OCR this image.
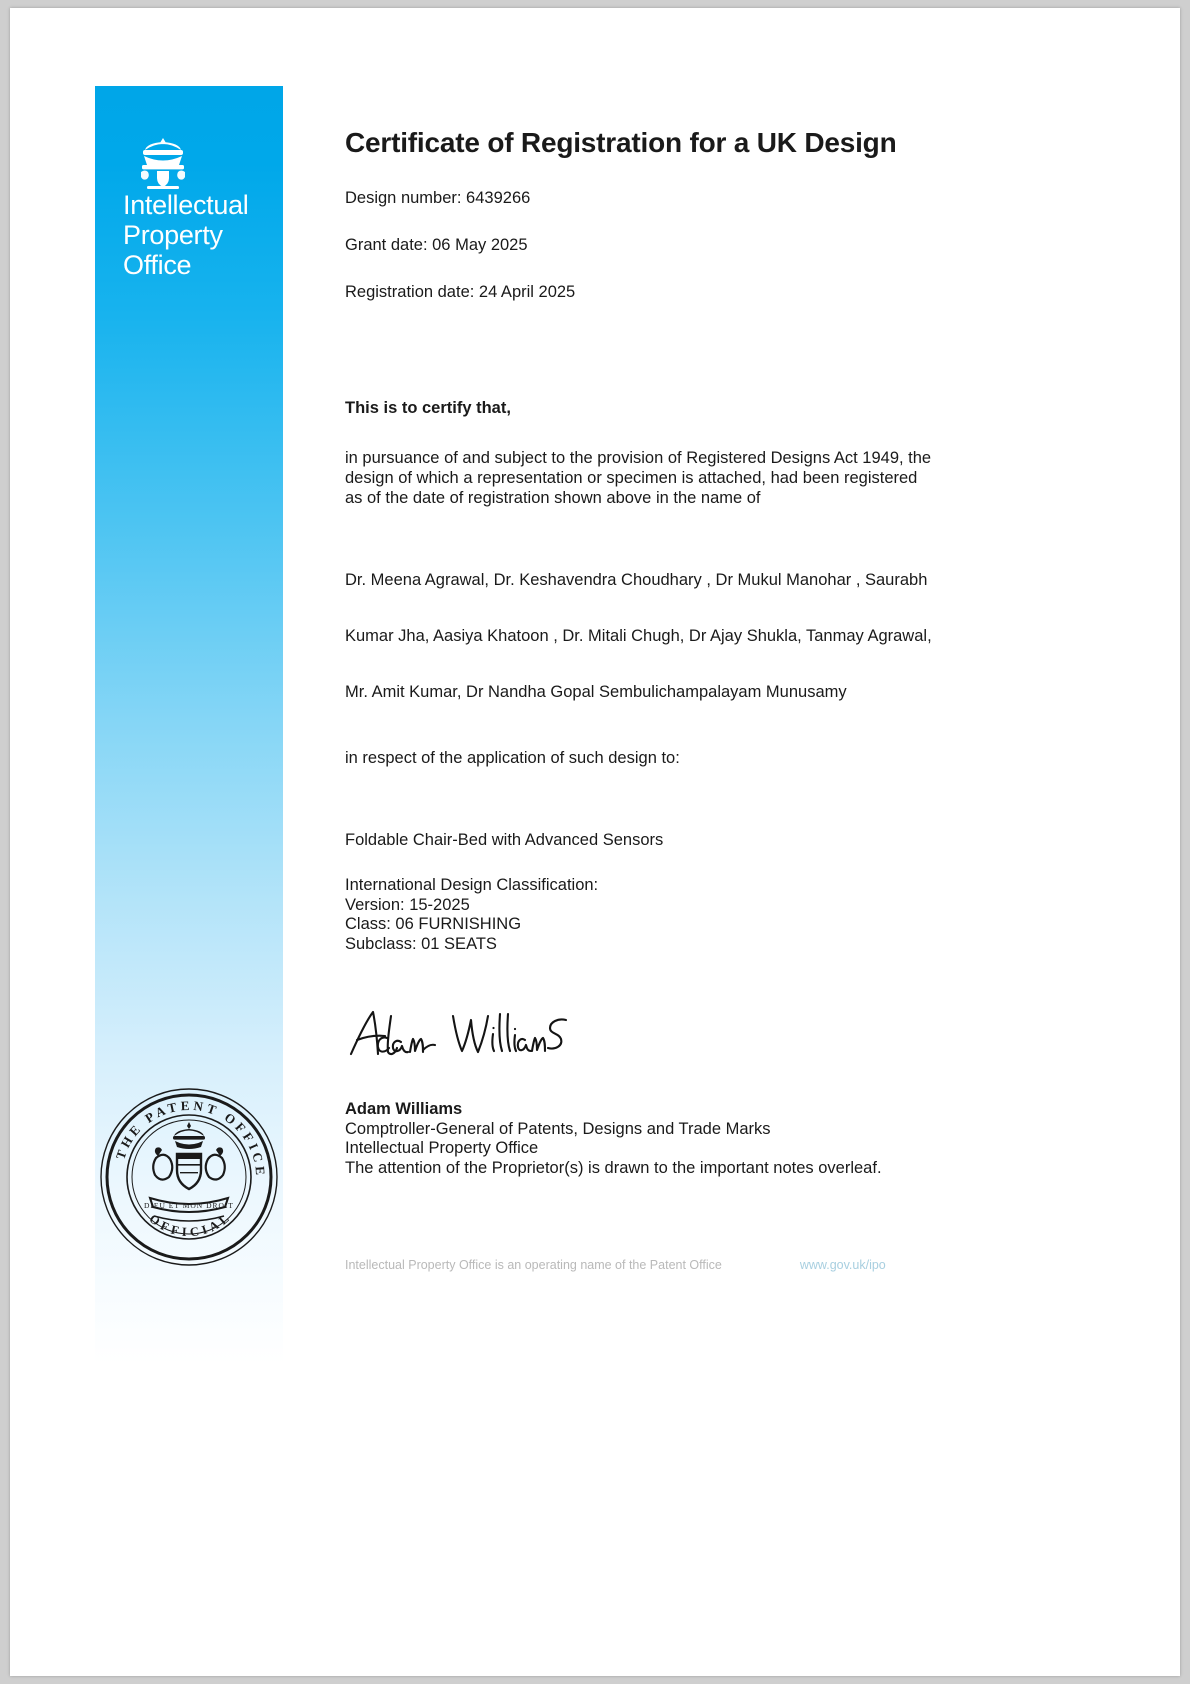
Intellectual
Property
Office
THE PATENT OFFICE
OFFICIAL
DIEU ET MON DROIT
Certificate of Registration for a UK Design
Design number: 6439266
Grant date: 06 May 2025
Registration date: 24 April 2025
This is to certify that,
in pursuance of and subject to the provision of Registered Designs Act 1949, the
design of which a representation or specimen is attached, had been registered
as of the date of registration shown above in the name of
Dr. Meena Agrawal, Dr. Keshavendra Choudhary , Dr Mukul Manohar , Saurabh
Kumar Jha, Aasiya Khatoon , Dr. Mitali Chugh, Dr Ajay Shukla, Tanmay Agrawal,
Mr. Amit Kumar, Dr Nandha Gopal Sembulichampalayam Munusamy
in respect of the application of such design to:
Foldable Chair-Bed with Advanced Sensors
International Design Classification:
Version: 15-2025
Class: 06 FURNISHING
Subclass: 01 SEATS
Adam Williams
Comptroller-General of Patents, Designs and Trade Marks
Intellectual Property Office
The attention of the Proprietor(s) is drawn to the important notes overleaf.
Intellectual Property Office is an operating name of the Patent Office	www.gov.uk/ipo
